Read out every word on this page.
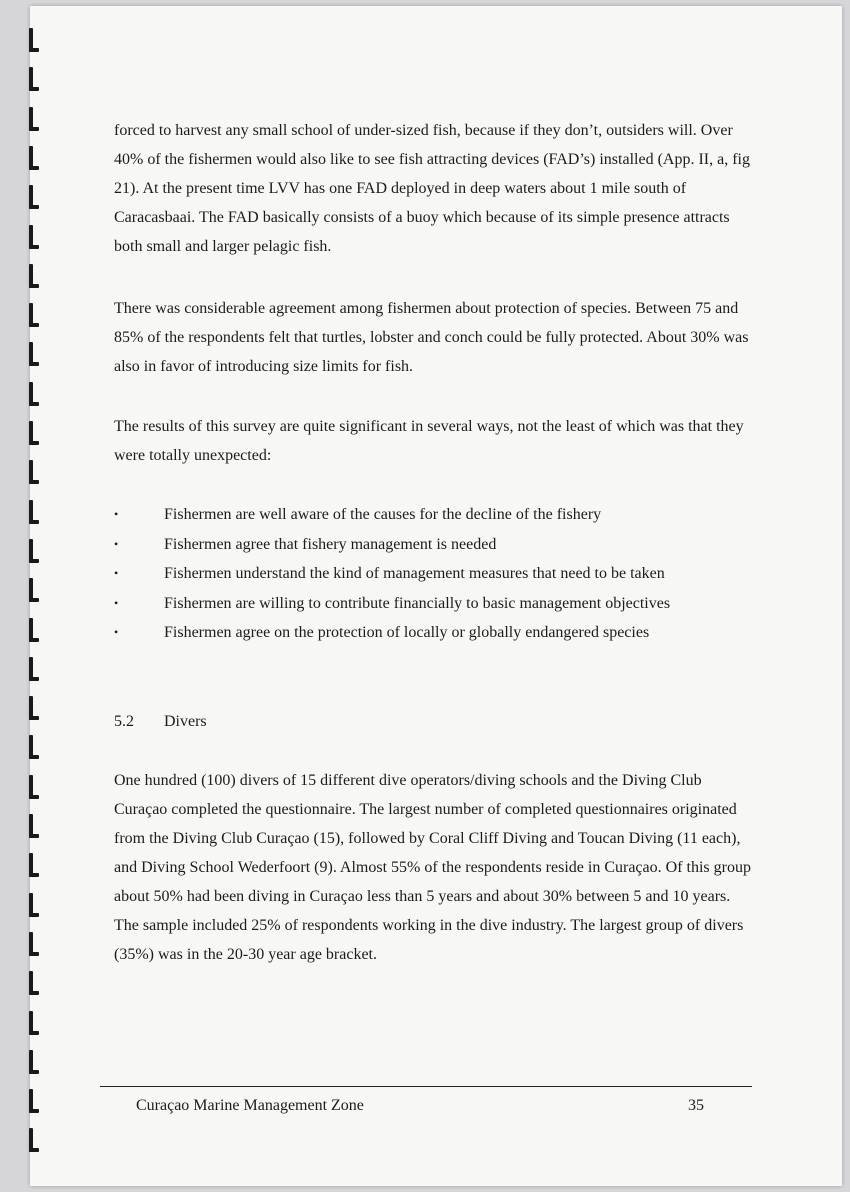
forced to harvest any small school of under-sized fish, because if they don’t, outsiders will. Over 40% of the fishermen would also like to see fish attracting devices (FAD’s) installed (App. II, a, fig 21). At the present time LVV has one FAD deployed in deep waters about 1 mile south of Caracasbaai. The FAD basically consists of a buoy which because of its simple presence attracts both small and larger pelagic fish.

There was considerable agreement among fishermen about protection of species. Between 75 and 85% of the respondents felt that turtles, lobster and conch could be fully protected. About 30% was also in favor of introducing size limits for fish.

The results of this survey are quite significant in several ways, not the least of which was that they were totally unexpected:

•	Fishermen are well aware of the causes for the decline of the fishery
•	Fishermen agree that fishery management is needed
•	Fishermen understand the kind of management measures that need to be taken
•	Fishermen are willing to contribute financially to basic management objectives
•	Fishermen agree on the protection of locally or globally endangered species
5.2 Divers

One hundred (100) divers of 15 different dive operators/diving schools and the Diving Club Curaçao completed the questionnaire. The largest number of completed questionnaires originated from the Diving Club Curaçao (15), followed by Coral Cliff Diving and Toucan Diving (11 each), and Diving School Wederfoort (9). Almost 55% of the respondents reside in Curaçao. Of this group about 50% had been diving in Curaçao less than 5 years and about 30% between 5 and 10 years. The sample included 25% of respondents working in the dive industry. The largest group of divers (35%) was in the 20-30 year age bracket.

Curaçao Marine Management Zone	35
